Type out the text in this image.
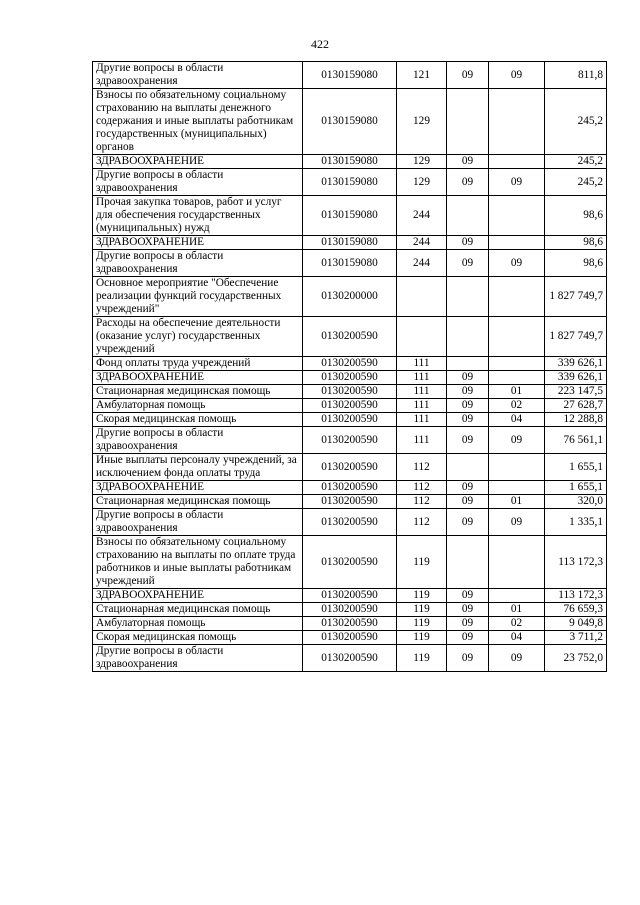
422
Другие вопросы в области здравоохранения	0130159080	121	09	09	811,8
Взносы по обязательному социальному страхованию на выплаты денежного содержания и иные выплаты работникам государственных (муниципальных) органов	0130159080	129			245,2
ЗДРАВООХРАНЕНИЕ	0130159080	129	09		245,2
Другие вопросы в области здравоохранения	0130159080	129	09	09	245,2
Прочая закупка товаров, работ и услуг для обеспечения государственных (муниципальных) нужд	0130159080	244			98,6
ЗДРАВООХРАНЕНИЕ	0130159080	244	09		98,6
Другие вопросы в области здравоохранения	0130159080	244	09	09	98,6
Основное мероприятие "Обеспечение реализации функций государственных учреждений"	0130200000				1 827 749,7
Расходы на обеспечение деятельности (оказание услуг) государственных учреждений	0130200590				1 827 749,7
Фонд оплаты труда учреждений	0130200590	111			339 626,1
ЗДРАВООХРАНЕНИЕ	0130200590	111	09		339 626,1
Стационарная медицинская помощь	0130200590	111	09	01	223 147,5
Амбулаторная помощь	0130200590	111	09	02	27 628,7
Скорая медицинская помощь	0130200590	111	09	04	12 288,8
Другие вопросы в области здравоохранения	0130200590	111	09	09	76 561,1
Иные выплаты персоналу учреждений, за исключением фонда оплаты труда	0130200590	112			1 655,1
ЗДРАВООХРАНЕНИЕ	0130200590	112	09		1 655,1
Стационарная медицинская помощь	0130200590	112	09	01	320,0
Другие вопросы в области здравоохранения	0130200590	112	09	09	1 335,1
Взносы по обязательному социальному страхованию на выплаты по оплате труда работников и иные выплаты работникам учреждений	0130200590	119			113 172,3
ЗДРАВООХРАНЕНИЕ	0130200590	119	09		113 172,3
Стационарная медицинская помощь	0130200590	119	09	01	76 659,3
Амбулаторная помощь	0130200590	119	09	02	9 049,8
Скорая медицинская помощь	0130200590	119	09	04	3 711,2
Другие вопросы в области здравоохранения	0130200590	119	09	09	23 752,0
